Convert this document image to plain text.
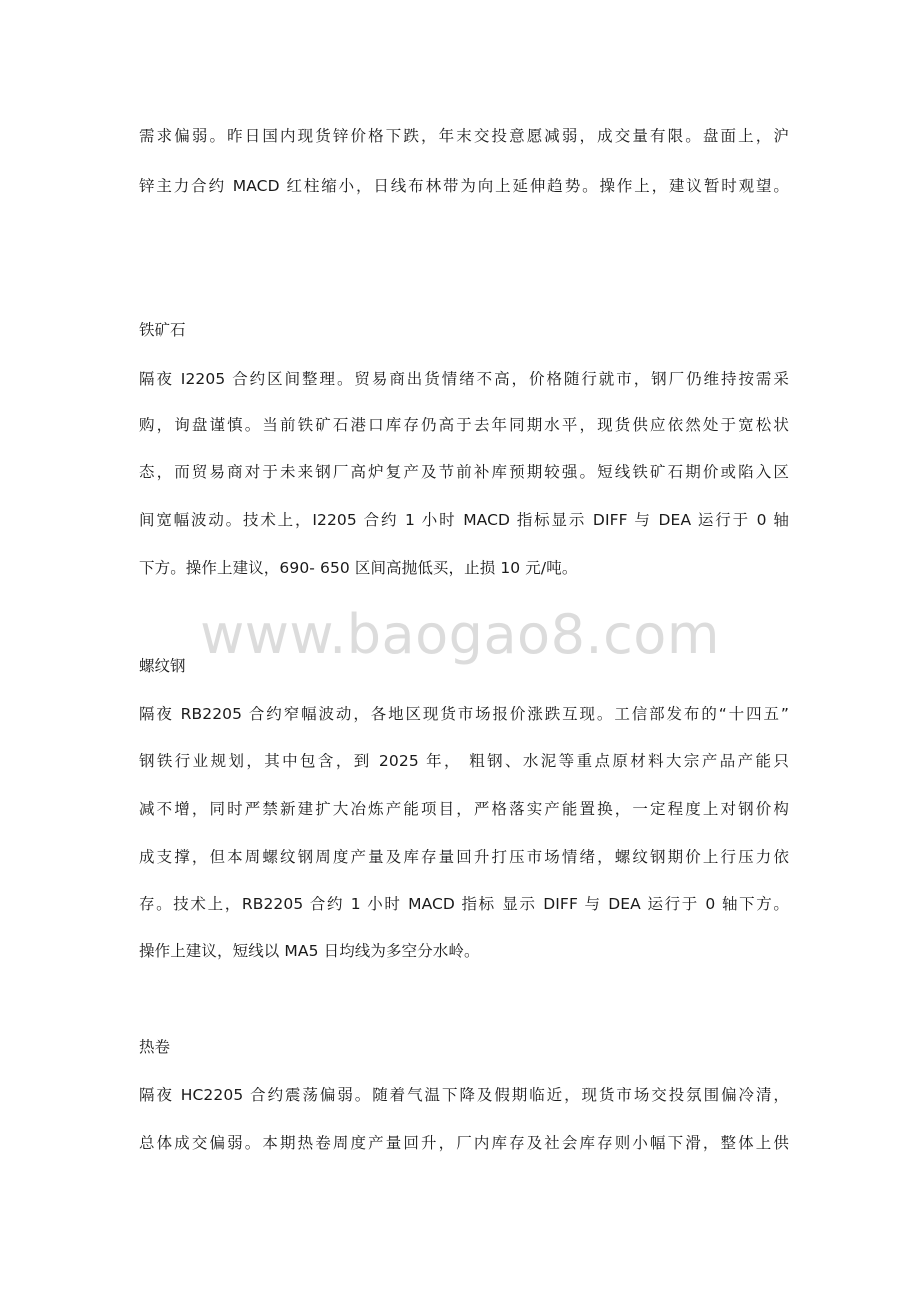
www.baogao8.com
需求偏弱。昨日国内现货锌价格下跌，年末交投意愿减弱，成交量有限。盘面上，沪
锌主力合约 MACD 红柱缩小，日线布林带为向上延伸趋势。操作上，建议暂时观望。
铁矿石
隔夜 I2205 合约区间整理。贸易商出货情绪不高，价格随行就市，钢厂仍维持按需采
购，询盘谨慎。当前铁矿石港口库存仍高于去年同期水平，现货供应依然处于宽松状
态，而贸易商对于未来钢厂高炉复产及节前补库预期较强。短线铁矿石期价或陷入区
间宽幅波动。技术上，I2205 合约 1 小时 MACD 指标显示 DIFF 与 DEA 运行于 0 轴
下方。操作上建议，690- 650 区间高抛低买，止损 10 元/吨。
螺纹钢
隔夜 RB2205 合约窄幅波动，各地区现货市场报价涨跌互现。工信部发布的“十四五”
钢铁行业规划，其中包含，到 2025 年， 粗钢、水泥等重点原材料大宗产品产能只
减不增，同时严禁新建扩大冶炼产能项目，严格落实产能置换，一定程度上对钢价构
成支撑，但本周螺纹钢周度产量及库存量回升打压市场情绪，螺纹钢期价上行压力依
存。技术上，RB2205 合约 1 小时 MACD 指标 显示 DIFF 与 DEA 运行于 0 轴下方。
操作上建议，短线以 MA5 日均线为多空分水岭。
热卷
隔夜 HC2205 合约震荡偏弱。随着气温下降及假期临近，现货市场交投氛围偏冷清，
总体成交偏弱。本期热卷周度产量回升，厂内库存及社会库存则小幅下滑，整体上供
